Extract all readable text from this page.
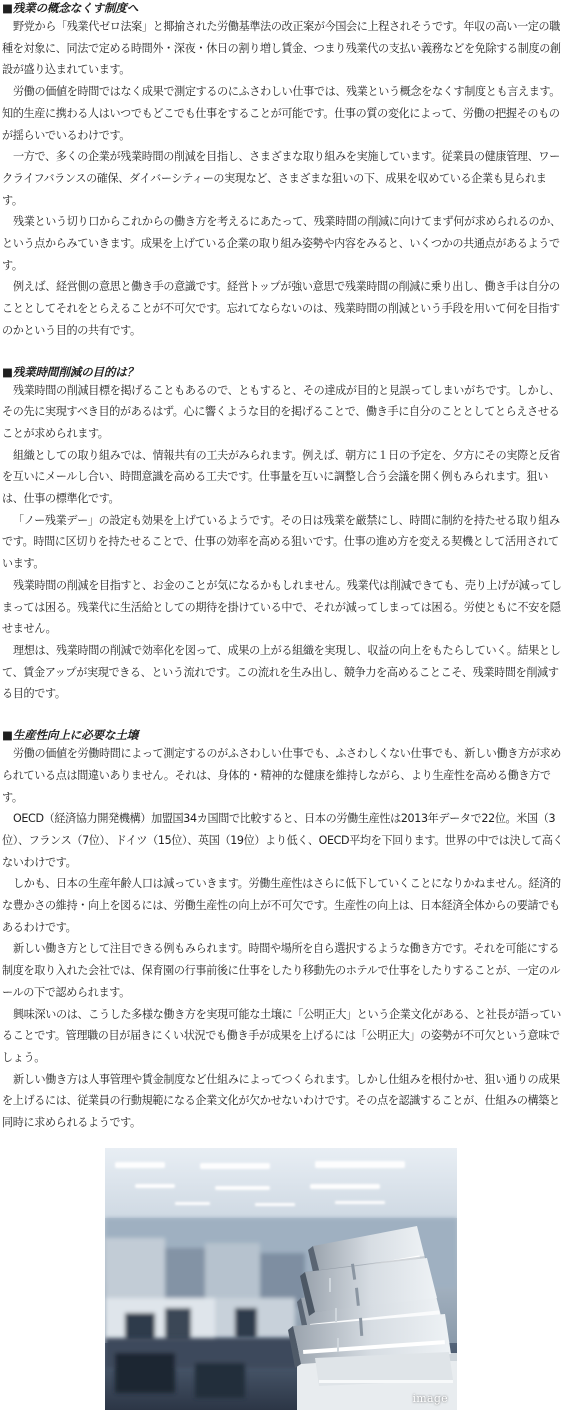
■残業の概念なくす制度へ

野党から「残業代ゼロ法案」と揶揄された労働基準法の改正案が今国会に上程されそうです。年収の高い一定の職種を対象に、同法で定める時間外・深夜・休日の割り増し賃金、つまり残業代の支払い義務などを免除する制度の創設が盛り込まれています。

労働の価値を時間ではなく成果で測定するのにふさわしい仕事では、残業という概念をなくす制度とも言えます。知的生産に携わる人はいつでもどこでも仕事をすることが可能です。仕事の質の変化によって、労働の把握そのものが揺らいでいるわけです。

一方で、多くの企業が残業時間の削減を目指し、さまざまな取り組みを実施しています。従業員の健康管理、ワークライフバランスの確保、ダイバーシティーの実現など、さまざまな狙いの下、成果を収めている企業も見られます。

残業という切り口からこれからの働き方を考えるにあたって、残業時間の削減に向けてまず何が求められるのか、という点からみていきます。成果を上げている企業の取り組み姿勢や内容をみると、いくつかの共通点があるようです。

例えば、経営側の意思と働き手の意識です。経営トップが強い意思で残業時間の削減に乗り出し、働き手は自分のこととしてそれをとらえることが不可欠です。忘れてならないのは、残業時間の削減という手段を用いて何を目指すのかという目的の共有です。

■残業時間削減の目的は？

残業時間の削減目標を掲げることもあるので、ともすると、その達成が目的と見誤ってしまいがちです。しかし、その先に実現すべき目的があるはず。心に響くような目的を掲げることで、働き手に自分のこととしてとらえさせることが求められます。

組織としての取り組みでは、情報共有の工夫がみられます。例えば、朝方に１日の予定を、夕方にその実際と反省を互いにメールし合い、時間意識を高める工夫です。仕事量を互いに調整し合う会議を開く例もみられます。狙いは、仕事の標準化です。

「ノー残業デー」の設定も効果を上げているようです。その日は残業を厳禁にし、時間に制約を持たせる取り組みです。時間に区切りを持たせることで、仕事の効率を高める狙いです。仕事の進め方を変える契機として活用されています。

残業時間の削減を目指すと、お金のことが気になるかもしれません。残業代は削減できても、売り上げが減ってしまっては困る。残業代に生活給としての期待を掛けている中で、それが減ってしまっては困る。労使ともに不安を隠せません。

理想は、残業時間の削減で効率化を図って、成果の上がる組織を実現し、収益の向上をもたらしていく。結果として、賃金アップが実現できる、という流れです。この流れを生み出し、競争力を高めることこそ、残業時間を削減する目的です。

■生産性向上に必要な土壌

労働の価値を労働時間によって測定するのがふさわしい仕事でも、ふさわしくない仕事でも、新しい働き方が求められている点は間違いありません。それは、身体的・精神的な健康を維持しながら、より生産性を高める働き方です。

OECD（経済協力開発機構）加盟国34カ国間で比較すると、日本の労働生産性は2013年データで22位。米国（3位）、フランス（7位）、ドイツ（15位）、英国（19位）より低く、OECD平均を下回ります。世界の中では決して高くないわけです。

しかも、日本の生産年齢人口は減っていきます。労働生産性はさらに低下していくことになりかねません。経済的な豊かさの維持・向上を図るには、労働生産性の向上が不可欠です。生産性の向上は、日本経済全体からの要請でもあるわけです。

新しい働き方として注目できる例もみられます。時間や場所を自ら選択するような働き方です。それを可能にする制度を取り入れた会社では、保育園の行事前後に仕事をしたり移動先のホテルで仕事をしたりすることが、一定のルールの下で認められます。

興味深いのは、こうした多様な働き方を実現可能な土壌に「公明正大」という企業文化がある、と社長が語っていることです。管理職の目が届きにくい状況でも働き手が成果を上げるには「公明正大」の姿勢が不可欠という意味でしょう。

新しい働き方は人事管理や賃金制度など仕組みによってつくられます。しかし仕組みを根付かせ、狙い通りの成果を上げるには、従業員の行動規範になる企業文化が欠かせないわけです。その点を認識することが、仕組みの構築と同時に求められるようです。

image
